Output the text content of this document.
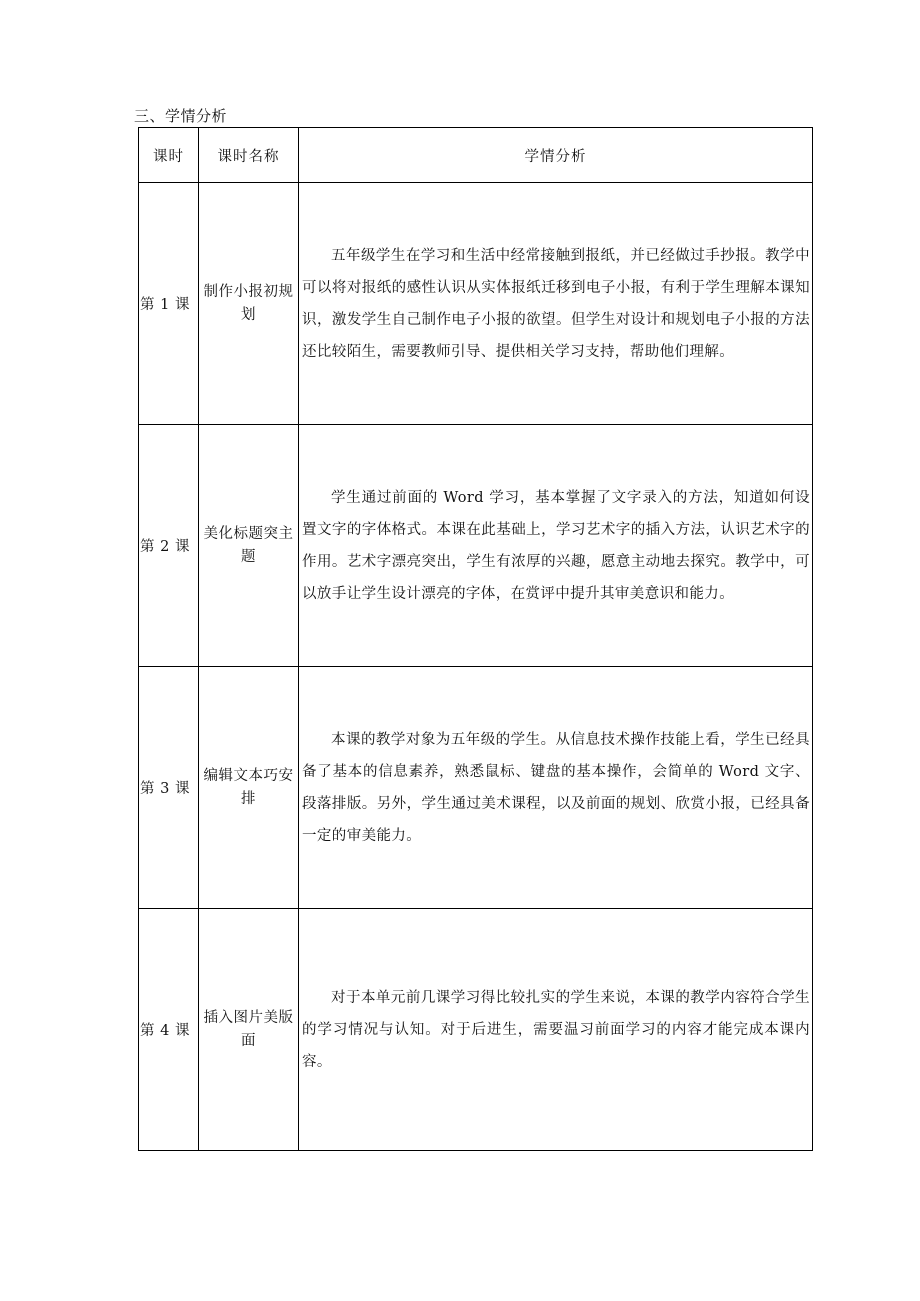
三、学情分析
课时	课时名称	学情分析
第 1 课	制作小报初规划	五年级学生在学习和生活中经常接触到报纸，并已经做过手抄报。教学中可以将对报纸的感性认识从实体报纸迁移到电子小报，有利于学生理解本课知识，激发学生自己制作电子小报的欲望。但学生对设计和规划电子小报的方法还比较陌生，需要教师引导、提供相关学习支持，帮助他们理解。

第 2 课	美化标题突主题	学生通过前面的 Word 学习，基本掌握了文字录入的方法，知道如何设置文字的字体格式。本课在此基础上，学习艺术字的插入方法，认识艺术字的作用。艺术字漂亮突出，学生有浓厚的兴趣，愿意主动地去探究。教学中，可以放手让学生设计漂亮的字体，在赏评中提升其审美意识和能力。

第 3 课	编辑文本巧安排	本课的教学对象为五年级的学生。从信息技术操作技能上看，学生已经具备了基本的信息素养，熟悉鼠标、键盘的基本操作，会简单的 Word 文字、段落排版。另外，学生通过美术课程，以及前面的规划、欣赏小报，已经具备一定的审美能力。

第 4 课	插入图片美版面	对于本单元前几课学习得比较扎实的学生来说，本课的教学内容符合学生的学习情况与认知。对于后进生，需要温习前面学习的内容才能完成本课内容。
